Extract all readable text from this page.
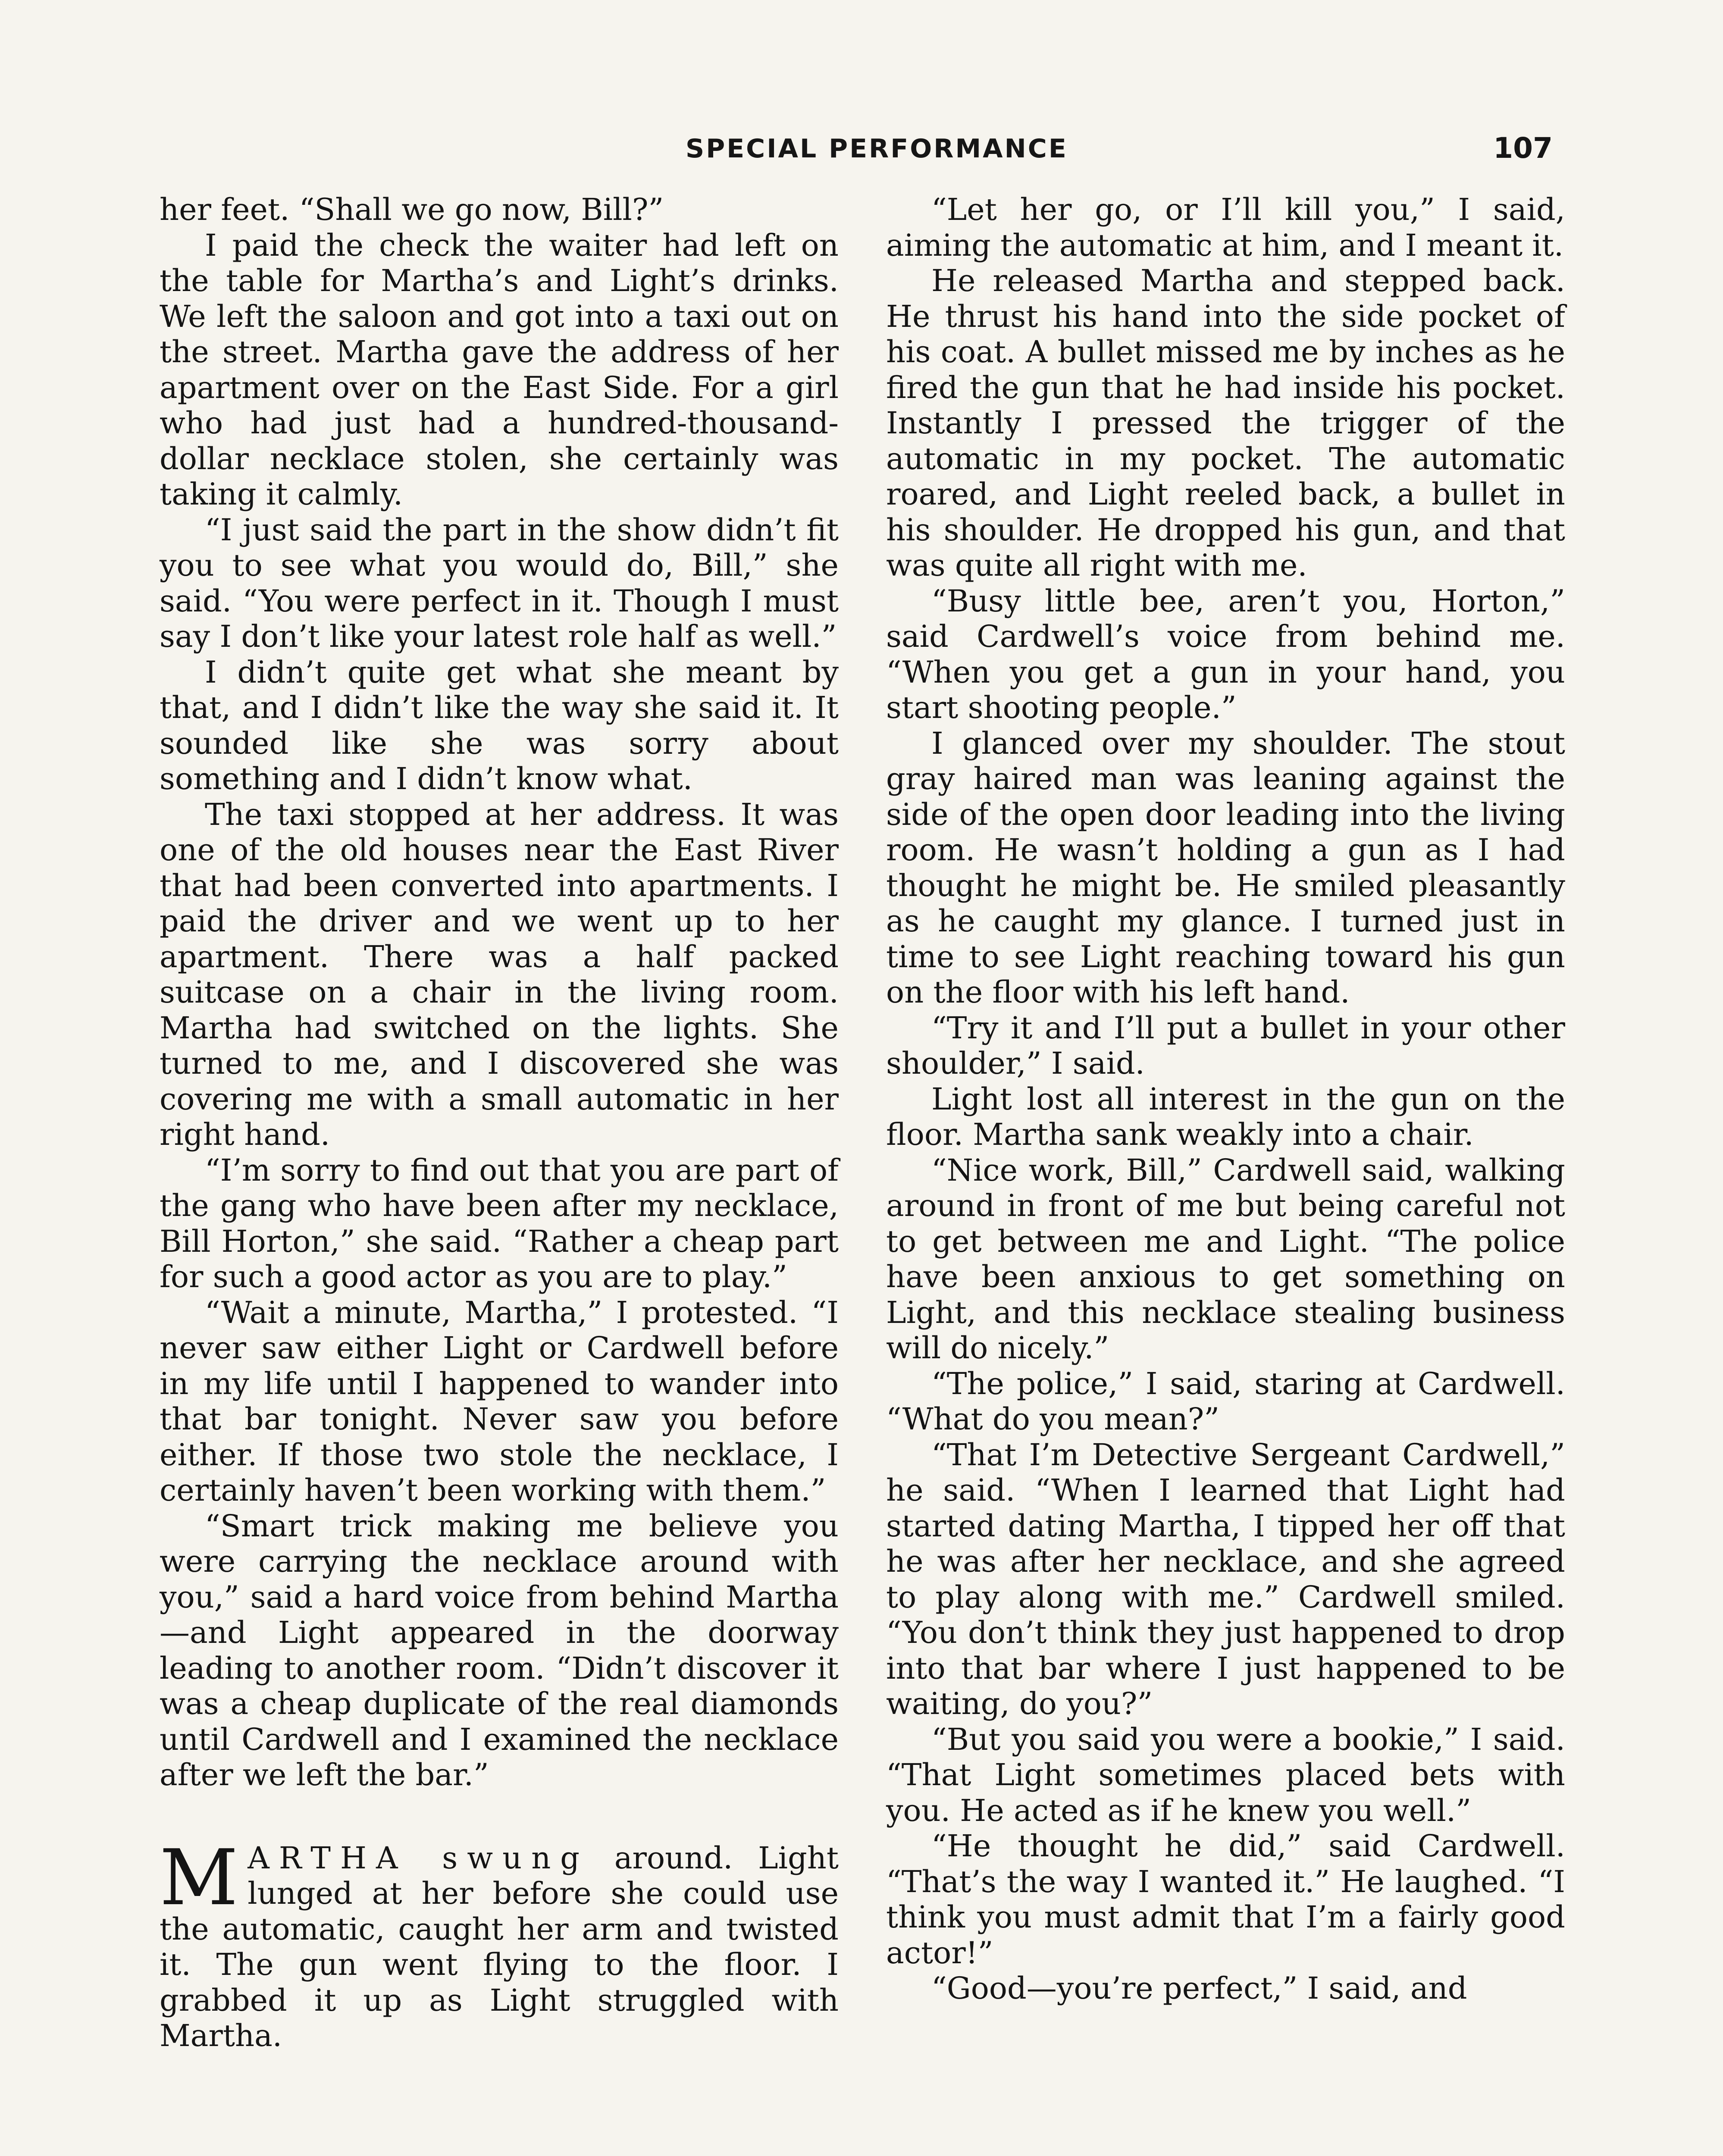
SPECIAL PERFORMANCE	107

her feet. “Shall we go now, Bill?”

I paid the check the waiter had left on the table for Martha’s and Light’s drinks. We left the saloon and got into a taxi out on the street. Martha gave the address of her apartment over on the East Side. For a girl who had just had a hundred-thousand-dollar necklace stolen, she certainly was taking it calmly.

“I just said the part in the show didn’t fit you to see what you would do, Bill,” she said. “You were perfect in it. Though I must say I don’t like your latest role half as well.”

I didn’t quite get what she meant by that, and I didn’t like the way she said it. It sounded like she was sorry about something and I didn’t know what.

The taxi stopped at her address. It was one of the old houses near the East River that had been converted into apartments. I paid the driver and we went up to her apartment. There was a half packed suitcase on a chair in the living room. Martha had switched on the lights. She turned to me, and I discovered she was covering me with a small automatic in her right hand.

“I’m sorry to find out that you are part of the gang who have been after my necklace, Bill Horton,” she said. “Rather a cheap part for such a good actor as you are to play.”

“Wait a minute, Martha,” I protested. “I never saw either Light or Cardwell before in my life until I happened to wander into that bar tonight. Never saw you before either. If those two stole the necklace, I certainly haven’t been working with them.”

“Smart trick making me believe you were carrying the necklace around with you,” said a hard voice from behind Martha—and Light appeared in the doorway leading to another room. “Didn’t discover it was a cheap duplicate of the real diamonds until Cardwell and I examined the necklace after we left the bar.”

MARTHA swung around. Light lunged at her before she could use the automatic, caught her arm and twisted it. The gun went flying to the floor. I grabbed it up as Light struggled with Martha.

“Let her go, or I’ll kill you,” I said, aiming the automatic at him, and I meant it.

He released Martha and stepped back. He thrust his hand into the side pocket of his coat. A bullet missed me by inches as he fired the gun that he had inside his pocket. Instantly I pressed the trigger of the automatic in my pocket. The automatic roared, and Light reeled back, a bullet in his shoulder. He dropped his gun, and that was quite all right with me.

“Busy little bee, aren’t you, Horton,” said Cardwell’s voice from behind me. “When you get a gun in your hand, you start shooting people.”

I glanced over my shoulder. The stout gray haired man was leaning against the side of the open door leading into the living room. He wasn’t holding a gun as I had thought he might be. He smiled pleasantly as he caught my glance. I turned just in time to see Light reaching toward his gun on the floor with his left hand.

“Try it and I’ll put a bullet in your other shoulder,” I said.

Light lost all interest in the gun on the floor. Martha sank weakly into a chair.

“Nice work, Bill,” Cardwell said, walking around in front of me but being careful not to get between me and Light. “The police have been anxious to get something on Light, and this necklace stealing business will do nicely.”

“The police,” I said, staring at Cardwell. “What do you mean?”

“That I’m Detective Sergeant Cardwell,” he said. “When I learned that Light had started dating Martha, I tipped her off that he was after her necklace, and she agreed to play along with me.” Cardwell smiled. “You don’t think they just happened to drop into that bar where I just happened to be waiting, do you?”

“But you said you were a bookie,” I said. “That Light sometimes placed bets with you. He acted as if he knew you well.”

“He thought he did,” said Cardwell. “That’s the way I wanted it.” He laughed. “I think you must admit that I’m a fairly good actor!”

“Good—you’re perfect,” I said, and
